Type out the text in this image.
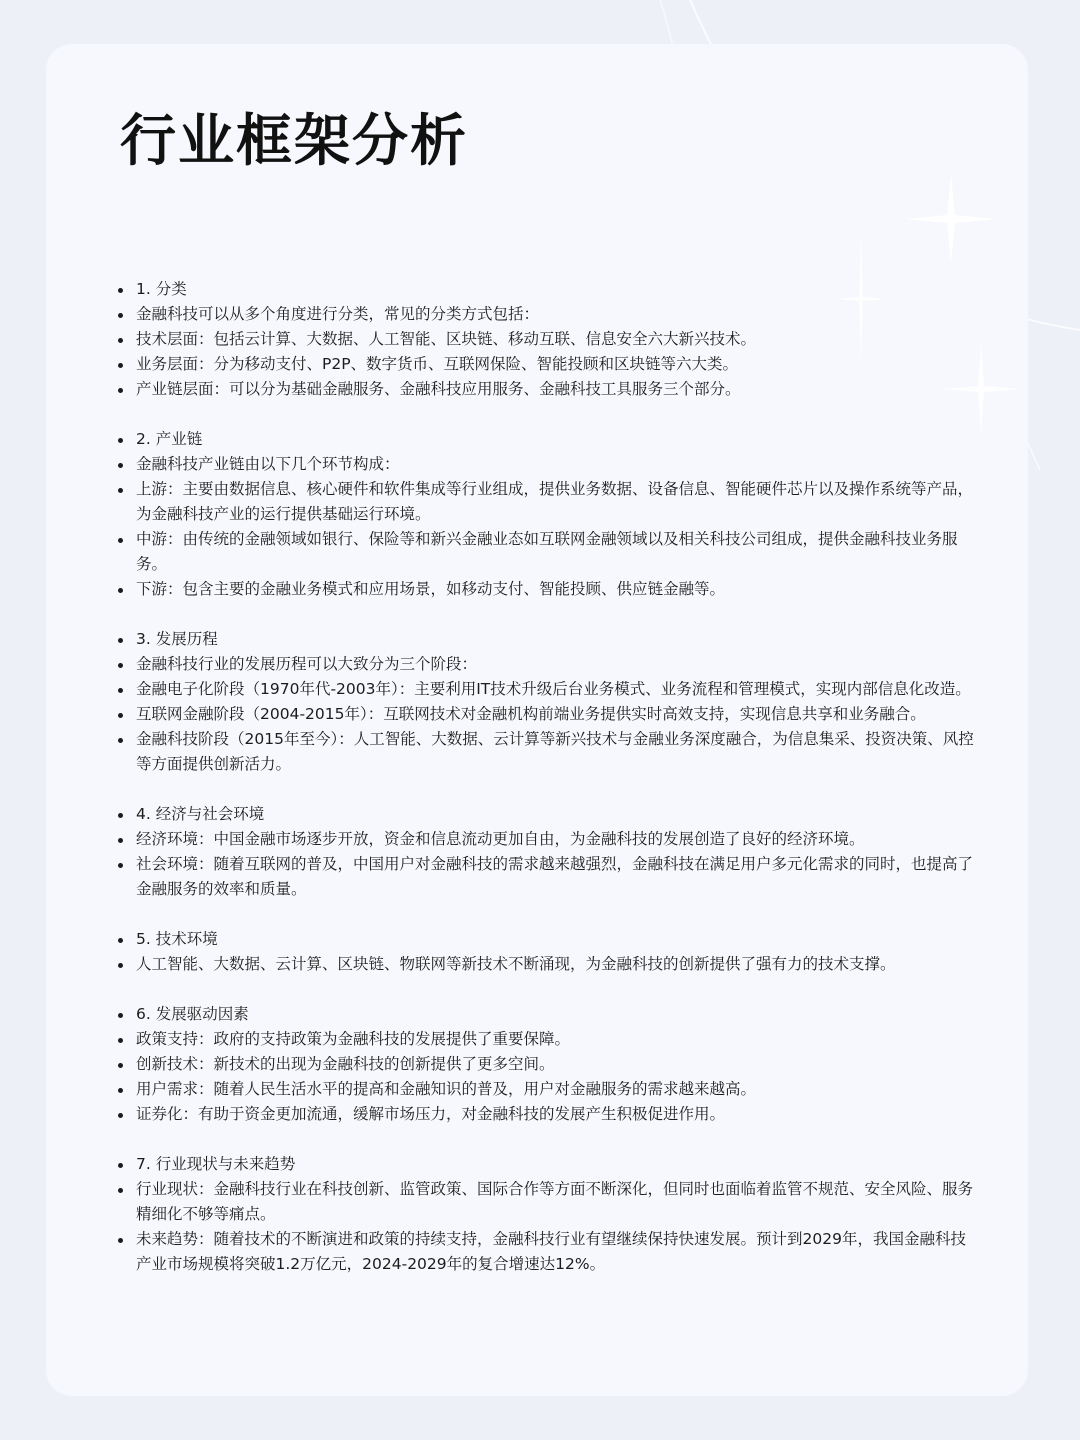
行业框架分析
1. 分类
金融科技可以从多个角度进行分类，常见的分类方式包括：
技术层面：包括云计算、大数据、人工智能、区块链、移动互联、信息安全六大新兴技术。
业务层面：分为移动支付、P2P、数字货币、互联网保险、智能投顾和区块链等六大类。
产业链层面：可以分为基础金融服务、金融科技应用服务、金融科技工具服务三个部分。
2. 产业链
金融科技产业链由以下几个环节构成：
上游：主要由数据信息、核心硬件和软件集成等行业组成，提供业务数据、设备信息、智能硬件芯片以及操作系统等产品，为金融科技产业的运行提供基础运行环境。
中游：由传统的金融领域如银行、保险等和新兴金融业态如互联网金融领域以及相关科技公司组成，提供金融科技业务服务。
下游：包含主要的金融业务模式和应用场景，如移动支付、智能投顾、供应链金融等。
3. 发展历程
金融科技行业的发展历程可以大致分为三个阶段：
金融电子化阶段（1970年代-2003年）：主要利用IT技术升级后台业务模式、业务流程和管理模式，实现内部信息化改造。
互联网金融阶段（2004-2015年）：互联网技术对金融机构前端业务提供实时高效支持，实现信息共享和业务融合。
金融科技阶段（2015年至今）：人工智能、大数据、云计算等新兴技术与金融业务深度融合，为信息集采、投资决策、风控等方面提供创新活力。
4. 经济与社会环境
经济环境：中国金融市场逐步开放，资金和信息流动更加自由，为金融科技的发展创造了良好的经济环境。
社会环境：随着互联网的普及，中国用户对金融科技的需求越来越强烈，金融科技在满足用户多元化需求的同时，也提高了金融服务的效率和质量。
5. 技术环境
人工智能、大数据、云计算、区块链、物联网等新技术不断涌现，为金融科技的创新提供了强有力的技术支撑。
6. 发展驱动因素
政策支持：政府的支持政策为金融科技的发展提供了重要保障。
创新技术：新技术的出现为金融科技的创新提供了更多空间。
用户需求：随着人民生活水平的提高和金融知识的普及，用户对金融服务的需求越来越高。
证券化：有助于资金更加流通，缓解市场压力，对金融科技的发展产生积极促进作用。
7. 行业现状与未来趋势
行业现状：金融科技行业在科技创新、监管政策、国际合作等方面不断深化，但同时也面临着监管不规范、安全风险、服务精细化不够等痛点。
未来趋势：随着技术的不断演进和政策的持续支持，金融科技行业有望继续保持快速发展。预计到2029年，我国金融科技产业市场规模将突破1.2万亿元，2024-2029年的复合增速达12%。
